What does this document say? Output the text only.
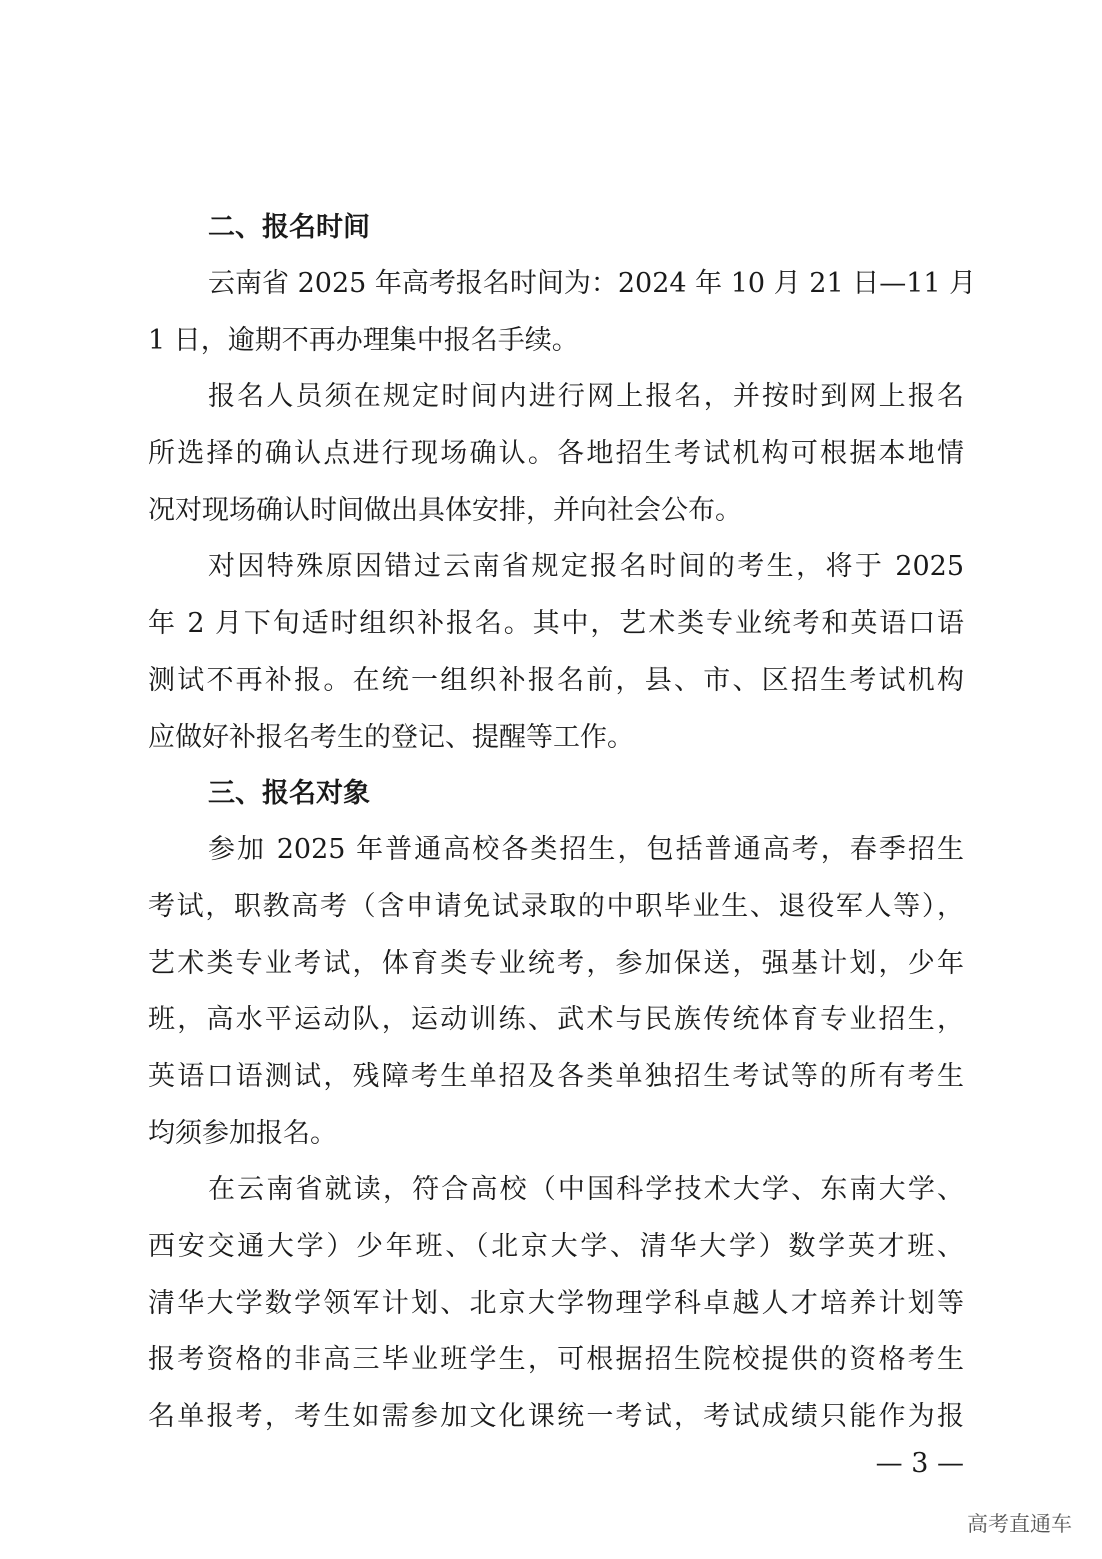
二、报名时间

云南省 2025 年高考报名时间为：2024 年 10 月 21 日—11 月
1 日，逾期不再办理集中报名手续。

报名人员须在规定时间内进行网上报名，并按时到网上报名
所选择的确认点进行现场确认。各地招生考试机构可根据本地情
况对现场确认时间做出具体安排，并向社会公布。

对因特殊原因错过云南省规定报名时间的考生，将于 2025
年 2 月下旬适时组织补报名。其中，艺术类专业统考和英语口语
测试不再补报。在统一组织补报名前，县、市、区招生考试机构
应做好补报名考生的登记、提醒等工作。

三、报名对象

参加 2025 年普通高校各类招生，包括普通高考，春季招生
考试，职教高考（含申请免试录取的中职毕业生、退役军人等），
艺术类专业考试，体育类专业统考，参加保送，强基计划，少年
班，高水平运动队，运动训练、武术与民族传统体育专业招生，
英语口语测试，残障考生单招及各类单独招生考试等的所有考生
均须参加报名。

在云南省就读，符合高校（中国科学技术大学、东南大学、
西安交通大学）少年班、（北京大学、清华大学）数学英才班、
清华大学数学领军计划、北京大学物理学科卓越人才培养计划等
报考资格的非高三毕业班学生，可根据招生院校提供的资格考生
名单报考，考生如需参加文化课统一考试，考试成绩只能作为报

— 3 —
高考直通车
